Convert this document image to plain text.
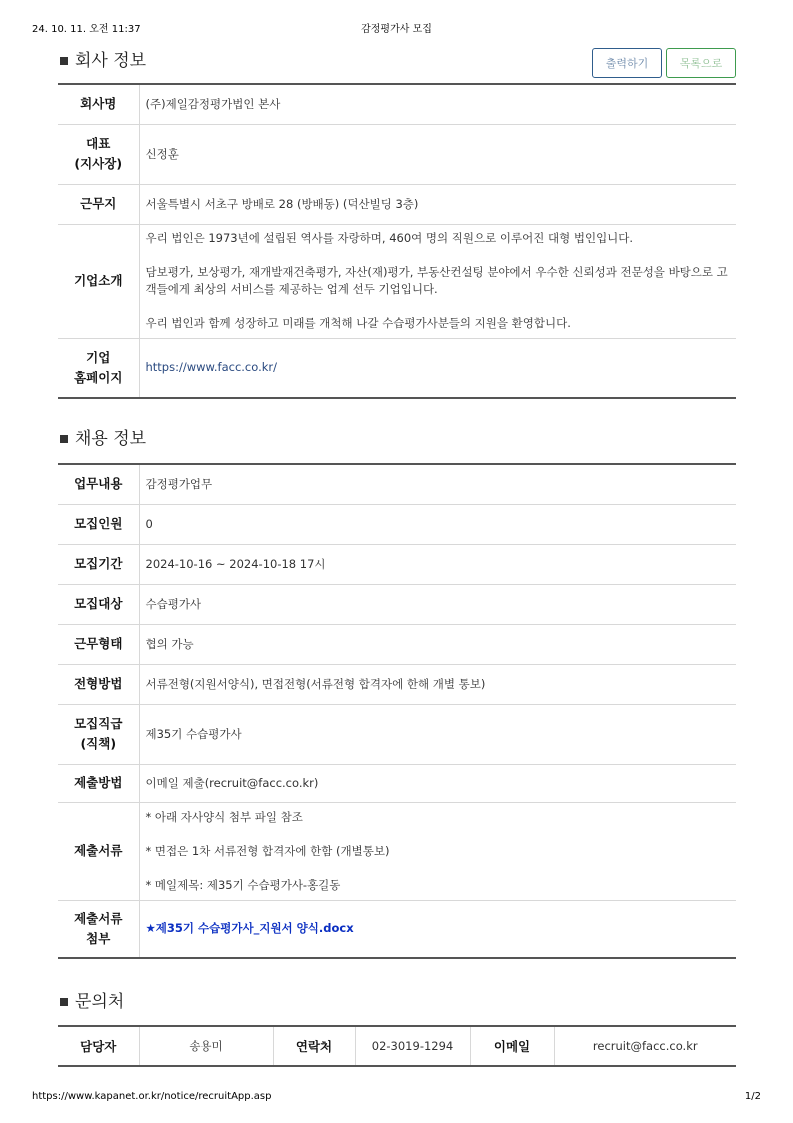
24. 10. 11. 오전 11:37	감정평가사 모집
회사 정보	출력하기	목록으로
회사명	(주)제일감정평가법인 본사

대표
(지사장)	신정훈
근무지	서울특별시 서초구 방배로 28 (방배동) (덕산빌딩 3층)
기업소개	우리 법인은 1973년에 설립된 역사를 자랑하며, 460여 명의 직원으로 이루어진 대형 법인입니다.
담보평가, 보상평가, 재개발재건축평가, 자산(재)평가, 부동산컨설팅 분야에서 우수한 신뢰성과 전문성을 바탕으로 고객들에게 최상의 서비스를 제공하는 업계 선두 기업입니다.
우리 법인과 함께 성장하고 미래를 개척해 나갈 수습평가사분들의 지원을 환영합니다.

기업
홈페이지	https://www.facc.co.kr/
채용 정보
업무내용	감정평가업무
모집인원	0
모집기간	2024-10-16 ~ 2024-10-18 17시
모집대상	수습평가사
근무형태	협의 가능
전형방법	서류전형(지원서양식), 면접전형(서류전형 합격자에 한해 개별 통보)

모집직급
(직책)	제35기 수습평가사
제출방법	이메일 제출(recruit@facc.co.kr)
제출서류	* 아래 자사양식 첨부 파일 참조
* 면접은 1차 서류전형 합격자에 한함 (개별통보)
* 메일제목: 제35기 수습평가사-홍길동

제출서류
첨부	★제35기 수습평가사_지원서 양식.docx
문의처
담당자	송용미	연락처	02-3019-1294	이메일	recruit@facc.co.kr
https://www.kapanet.or.kr/notice/recruitApp.asp	1/2
